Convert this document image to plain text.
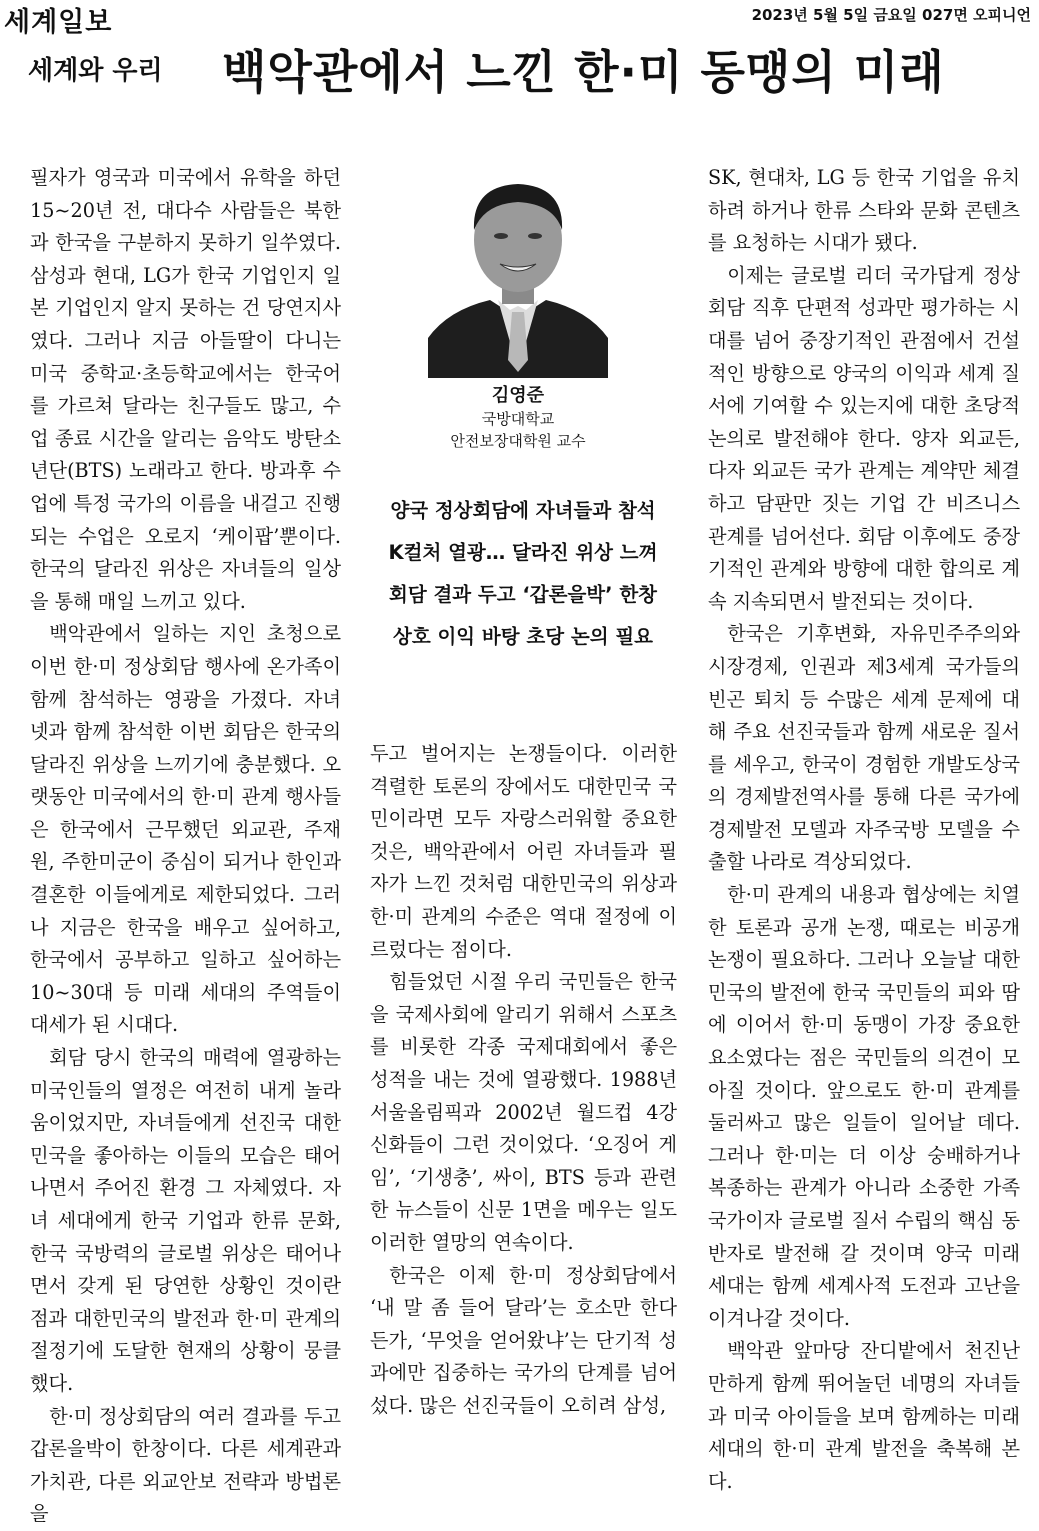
세계일보	2023년 5월 5일 금요일 027면 오피니언
세계와 우리 백악관에서 느낀 한·미 동맹의 미래

필자가 영국과 미국에서 유학을 하던 15∼20년 전, 대다수 사람들은 북한과 한국을 구분하지 못하기 일쑤였다. 삼성과 현대, LG가 한국 기업인지 일본 기업인지 알지 못하는 건 당연지사였다. 그러나 지금 아들딸이 다니는 미국 중학교·초등학교에서는 한국어를 가르쳐 달라는 친구들도 많고, 수업 종료 시간을 알리는 음악도 방탄소년단(BTS) 노래라고 한다. 방과후 수업에 특정 국가의 이름을 내걸고 진행되는 수업은 오로지 ‘케이팝’뿐이다. 한국의 달라진 위상은 자녀들의 일상을 통해 매일 느끼고 있다.

백악관에서 일하는 지인 초청으로 이번 한·미 정상회담 행사에 온가족이 함께 참석하는 영광을 가졌다. 자녀 넷과 함께 참석한 이번 회담은 한국의 달라진 위상을 느끼기에 충분했다. 오랫동안 미국에서의 한·미 관계 행사들은 한국에서 근무했던 외교관, 주재원, 주한미군이 중심이 되거나 한인과 결혼한 이들에게로 제한되었다. 그러나 지금은 한국을 배우고 싶어하고, 한국에서 공부하고 일하고 싶어하는 10∼30대 등 미래 세대의 주역들이 대세가 된 시대다.

회담 당시 한국의 매력에 열광하는 미국인들의 열정은 여전히 내게 놀라움이었지만, 자녀들에게 선진국 대한민국을 좋아하는 이들의 모습은 태어나면서 주어진 환경 그 자체였다. 자녀 세대에게 한국 기업과 한류 문화, 한국 국방력의 글로벌 위상은 태어나면서 갖게 된 당연한 상황인 것이란 점과 대한민국의 발전과 한·미 관계의 절정기에 도달한 현재의 상황이 뭉클했다.

한·미 정상회담의 여러 결과를 두고 갑론을박이 한창이다. 다른 세계관과 가치관, 다른 외교안보 전략과 방법론을

김영준
국방대학교
안전보장대학원 교수
양국 정상회담에 자녀들과 참석
K컬처 열광… 달라진 위상 느껴
회담 결과 두고 ‘갑론을박’ 한창
상호 이익 바탕 초당 논의 필요

두고 벌어지는 논쟁들이다. 이러한 격렬한 토론의 장에서도 대한민국 국민이라면 모두 자랑스러워할 중요한 것은, 백악관에서 어린 자녀들과 필자가 느낀 것처럼 대한민국의 위상과 한·미 관계의 수준은 역대 절정에 이르렀다는 점이다.

힘들었던 시절 우리 국민들은 한국을 국제사회에 알리기 위해서 스포츠를 비롯한 각종 국제대회에서 좋은 성적을 내는 것에 열광했다. 1988년 서울올림픽과 2002년 월드컵 4강 신화들이 그런 것이었다. ‘오징어 게임’, ‘기생충’, 싸이, BTS 등과 관련한 뉴스들이 신문 1면을 메우는 일도 이러한 열망의 연속이다.

한국은 이제 한·미 정상회담에서 ‘내 말 좀 들어 달라’는 호소만 한다든가, ‘무엇을 얻어왔냐’는 단기적 성과에만 집중하는 국가의 단계를 넘어섰다. 많은 선진국들이 오히려 삼성,

SK, 현대차, LG 등 한국 기업을 유치하려 하거나 한류 스타와 문화 콘텐츠를 요청하는 시대가 됐다.

이제는 글로벌 리더 국가답게 정상회담 직후 단편적 성과만 평가하는 시대를 넘어 중장기적인 관점에서 건설적인 방향으로 양국의 이익과 세계 질서에 기여할 수 있는지에 대한 초당적 논의로 발전해야 한다. 양자 외교든, 다자 외교든 국가 관계는 계약만 체결하고 담판만 짓는 기업 간 비즈니스 관계를 넘어선다. 회담 이후에도 중장기적인 관계와 방향에 대한 합의로 계속 지속되면서 발전되는 것이다.

한국은 기후변화, 자유민주주의와 시장경제, 인권과 제3세계 국가들의 빈곤 퇴치 등 수많은 세계 문제에 대해 주요 선진국들과 함께 새로운 질서를 세우고, 한국이 경험한 개발도상국의 경제발전역사를 통해 다른 국가에 경제발전 모델과 자주국방 모델을 수출할 나라로 격상되었다.

한·미 관계의 내용과 협상에는 치열한 토론과 공개 논쟁, 때로는 비공개 논쟁이 필요하다. 그러나 오늘날 대한민국의 발전에 한국 국민들의 피와 땀에 이어서 한·미 동맹이 가장 중요한 요소였다는 점은 국민들의 의견이 모아질 것이다. 앞으로도 한·미 관계를 둘러싸고 많은 일들이 일어날 데다. 그러나 한·미는 더 이상 숭배하거나 복종하는 관계가 아니라 소중한 가족 국가이자 글로벌 질서 수립의 핵심 동반자로 발전해 갈 것이며 양국 미래 세대는 함께 세계사적 도전과 고난을 이겨나갈 것이다.

백악관 앞마당 잔디밭에서 천진난만하게 함께 뛰어놀던 네명의 자녀들과 미국 아이들을 보며 함께하는 미래 세대의 한·미 관계 발전을 축복해 본다.
